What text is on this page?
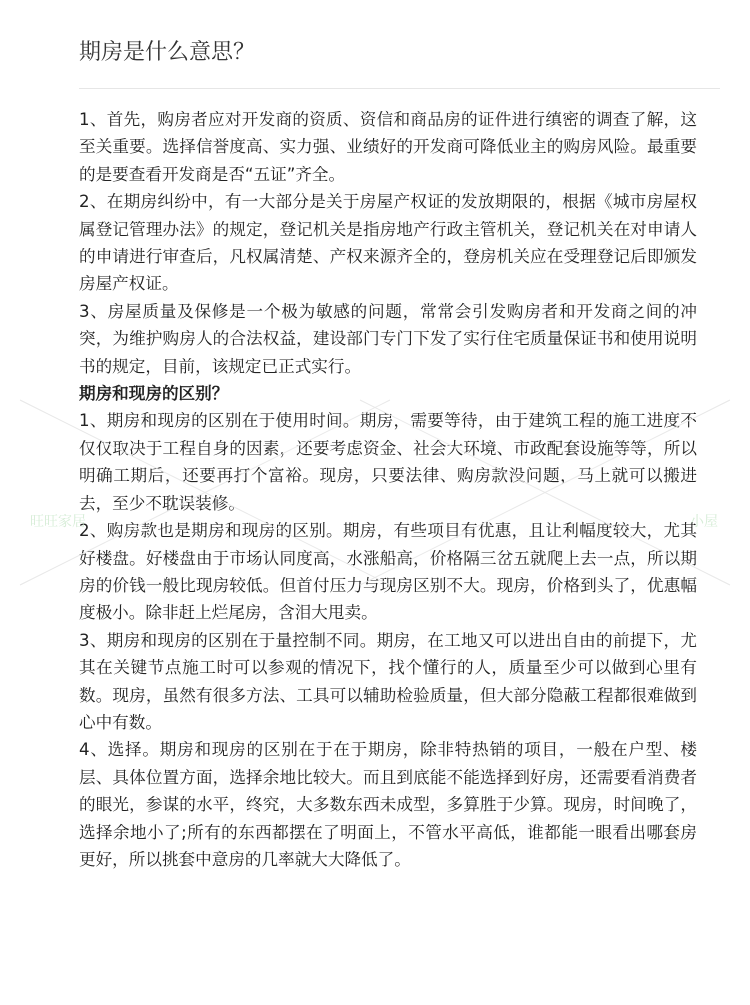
期房是什么意思？

1、首先，购房者应对开发商的资质、资信和商品房的证件进行缜密的调查了解，这至关重要。选择信誉度高、实力强、业绩好的开发商可降低业主的购房风险。最重要的是要查看开发商是否“五证”齐全。

2、在期房纠纷中，有一大部分是关于房屋产权证的发放期限的，根据《城市房屋权属登记管理办法》的规定，登记机关是指房地产行政主管机关，登记机关在对申请人的申请进行审查后，凡权属清楚、产权来源齐全的，登房机关应在受理登记后即颁发房屋产权证。

3、房屋质量及保修是一个极为敏感的问题，常常会引发购房者和开发商之间的冲突，为维护购房人的合法权益，建设部门专门下发了实行住宅质量保证书和使用说明书的规定，目前，该规定已正式实行。

期房和现房的区别？

1、期房和现房的区别在于使用时间。期房，需要等待，由于建筑工程的施工进度不仅仅取决于工程自身的因素，还要考虑资金、社会大环境、市政配套设施等等，所以明确工期后，还要再打个富裕。现房，只要法律、购房款没问题，马上就可以搬进去，至少不耽误装修。

2、购房款也是期房和现房的区别。期房，有些项目有优惠，且让利幅度较大，尤其好楼盘。好楼盘由于市场认同度高，水涨船高，价格隔三岔五就爬上去一点，所以期房的价钱一般比现房较低。但首付压力与现房区别不大。现房，价格到头了，优惠幅度极小。除非赶上烂尾房，含泪大甩卖。

3、期房和现房的区别在于量控制不同。期房，在工地又可以进出自由的前提下，尤其在关键节点施工时可以参观的情况下，找个懂行的人，质量至少可以做到心里有数。现房，虽然有很多方法、工具可以辅助检验质量，但大部分隐蔽工程都很难做到心中有数。

4、选择。期房和现房的区别在于在于期房，除非特热销的项目，一般在户型、楼层、具体位置方面，选择余地比较大。而且到底能不能选择到好房，还需要看消费者的眼光，参谋的水平，终究，大多数东西未成型，多算胜于少算。现房，时间晚了，选择余地小了;所有的东西都摆在了明面上，不管水平高低，谁都能一眼看出哪套房更好，所以挑套中意房的几率就大大降低了。

旺旺家居	小屋
